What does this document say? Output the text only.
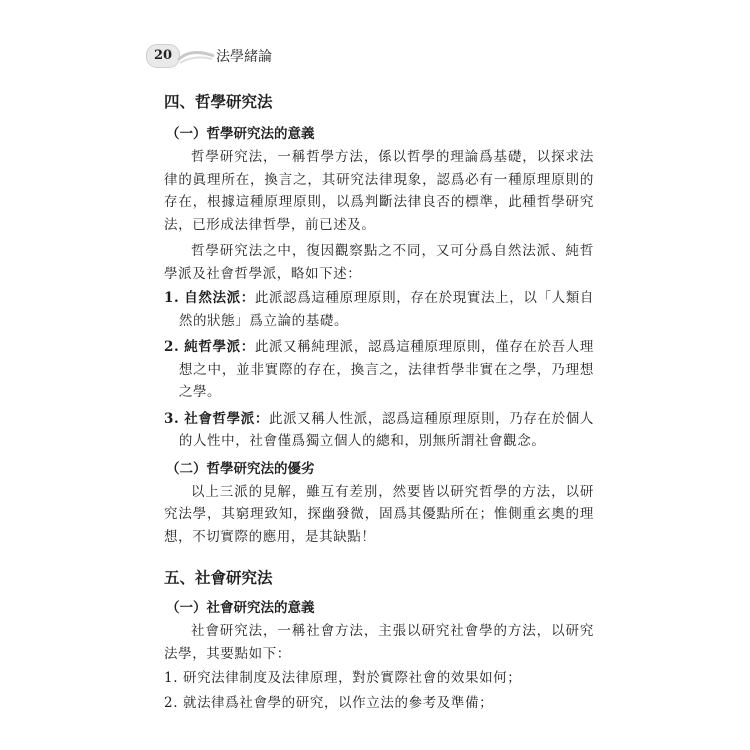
20	法學緒論
四、哲學研究法
（一）哲學研究法的意義

哲學研究法，一稱哲學方法，係以哲學的理論爲基礎，以探求法律的眞理所在，換言之，其研究法律現象，認爲必有一種原理原則的存在，根據這種原理原則，以爲判斷法律良否的標準，此種哲學研究法，已形成法律哲學，前已述及。

哲學研究法之中，復因觀察點之不同，又可分爲自然法派、純哲學派及社會哲學派，略如下述：

1. 自然法派：此派認爲這種原理原則，存在於現實法上，以「人類自然的狀態」爲立論的基礎。

2. 純哲學派：此派又稱純理派，認爲這種原理原則，僅存在於吾人理想之中，並非實際的存在，換言之，法律哲學非實在之學，乃理想之學。

3. 社會哲學派：此派又稱人性派，認爲這種原理原則，乃存在於個人的人性中，社會僅爲獨立個人的總和，別無所謂社會觀念。

（二）哲學研究法的優劣

以上三派的見解，雖互有差別，然要皆以研究哲學的方法，以研究法學，其窮理致知，探幽發微，固爲其優點所在；惟側重玄奧的理想，不切實際的應用，是其缺點！

五、社會研究法
（一）社會研究法的意義

社會研究法，一稱社會方法，主張以研究社會學的方法，以研究法學，其要點如下：

1. 研究法律制度及法律原理，對於實際社會的效果如何；

2. 就法律爲社會學的研究，以作立法的參考及準備；
